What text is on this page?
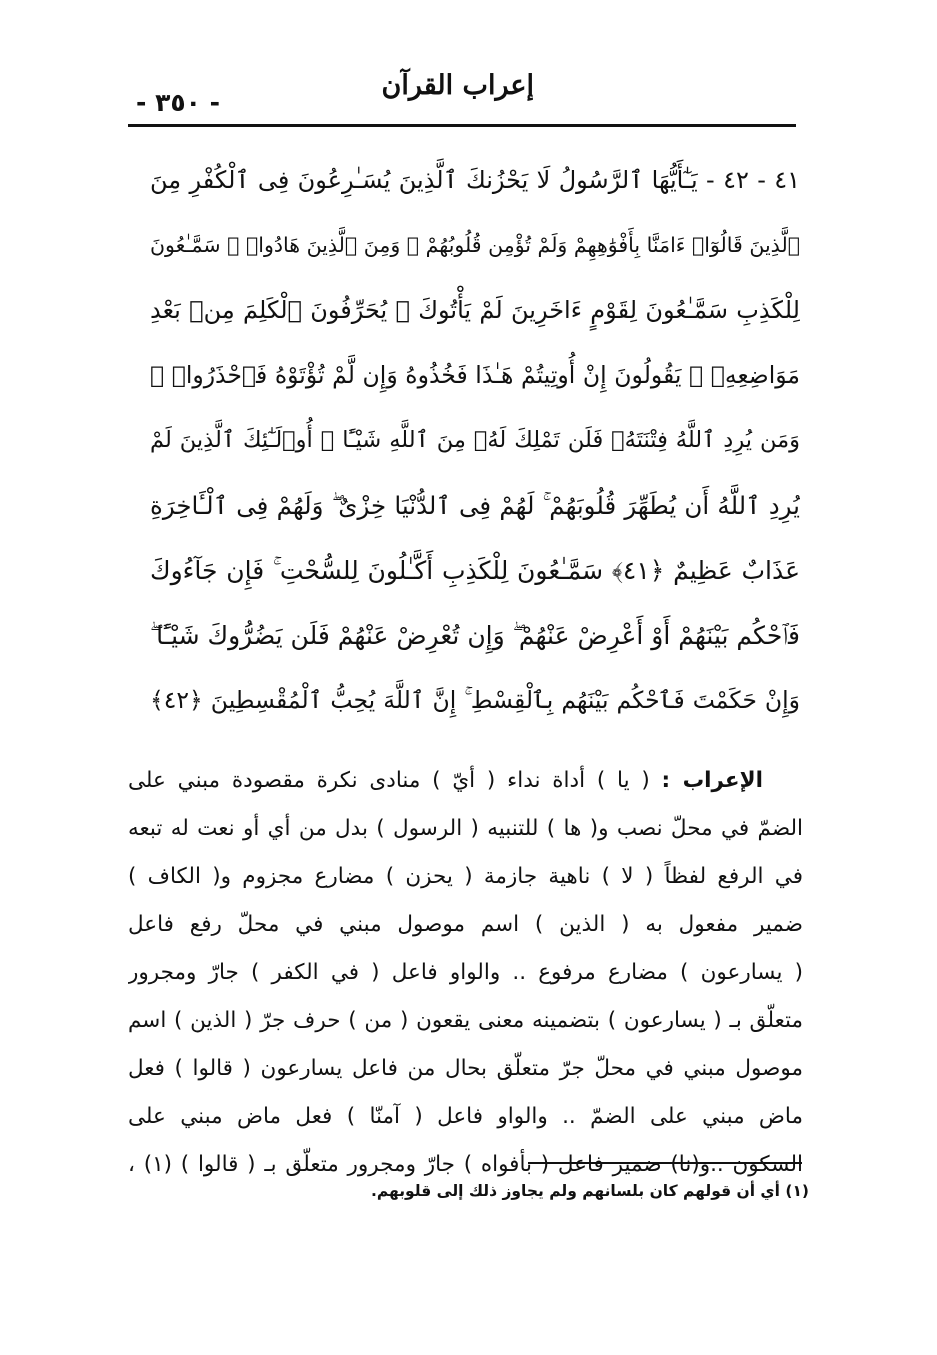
إعراب القرآن
- ٣٥٠ -
٤١ - ٤٢ - يَـٰٓأَيُّهَا ٱلرَّسُولُ لَا يَحْزُنكَ ٱلَّذِينَ يُسَـٰرِعُونَ فِى ٱلْكُفْرِ مِنَ
ٱلَّذِينَ قَالُوٓا۟ ءَامَنَّا بِأَفْوَٰهِهِمْ وَلَمْ تُؤْمِن قُلُوبُهُمْ ۛ وَمِنَ ٱلَّذِينَ هَادُوا۟ ۛ سَمَّـٰعُونَ
لِلْكَذِبِ سَمَّـٰعُونَ لِقَوْمٍ ءَاخَرِينَ لَمْ يَأْتُوكَ ۖ يُحَرِّفُونَ ٱلْكَلِمَ مِنۢ بَعْدِ
مَوَاضِعِهِۦ ۖ يَقُولُونَ إِنْ أُوتِيتُمْ هَـٰذَا فَخُذُوهُ وَإِن لَّمْ تُؤْتَوْهُ فَٱحْذَرُوا۟ ۚ
وَمَن يُرِدِ ٱللَّهُ فِتْنَتَهُۥ فَلَن تَمْلِكَ لَهُۥ مِنَ ٱللَّهِ شَيْـًٔا ۚ أُو۟لَـٰٓئِكَ ٱلَّذِينَ لَمْ
يُرِدِ ٱللَّهُ أَن يُطَهِّرَ قُلُوبَهُمْ ۚ لَهُمْ فِى ٱلدُّنْيَا خِزْىٌ ۖ وَلَهُمْ فِى ٱلْـَٔاخِرَةِ
عَذَابٌ عَظِيمٌ ﴿٤١﴾ سَمَّـٰعُونَ لِلْكَذِبِ أَكَّـٰلُونَ لِلسُّحْتِ ۚ فَإِن جَآءُوكَ
فَٱحْكُم بَيْنَهُمْ أَوْ أَعْرِضْ عَنْهُمْ ۖ وَإِن تُعْرِضْ عَنْهُمْ فَلَن يَضُرُّوكَ شَيْـًٔا ۖ
وَإِنْ حَكَمْتَ فَٱحْكُم بَيْنَهُم بِٱلْقِسْطِ ۚ إِنَّ ٱللَّهَ يُحِبُّ ٱلْمُقْسِطِينَ ﴿٤٢﴾
الإعراب : ( يا ) أداة نداء ( أيّ ) منادى نكرة مقصودة مبني على
الضمّ في محلّ نصب و( ها ) للتنبيه ( الرسول ) بدل من أي أو نعت له تبعه
في الرفع لفظاً ( لا ) ناهية جازمة ( يحزن ) مضارع مجزوم و( الكاف )
ضمير مفعول به ( الذين ) اسم موصول مبني في محلّ رفع فاعل
( يسارعون ) مضارع مرفوع .. والواو فاعل ( في الكفر ) جارّ ومجرور
متعلّق بـ ( يسارعون ) بتضمينه معنى يقعون ( من ) حرف جرّ ( الذين ) اسم
موصول مبني في محلّ جرّ متعلّق بحال من فاعل يسارعون ( قالوا ) فعل
ماض مبني على الضمّ .. والواو فاعل ( آمنّا ) فعل ماض مبني على
السكون ..و(نا) ضمير فاعل ( بأفواه ) جارّ ومجرور متعلّق بـ ( قالوا ) (١) ،
(١) أي أن قولهم كان بلسانهم ولم يجاوز ذلك إلى قلوبهم.
